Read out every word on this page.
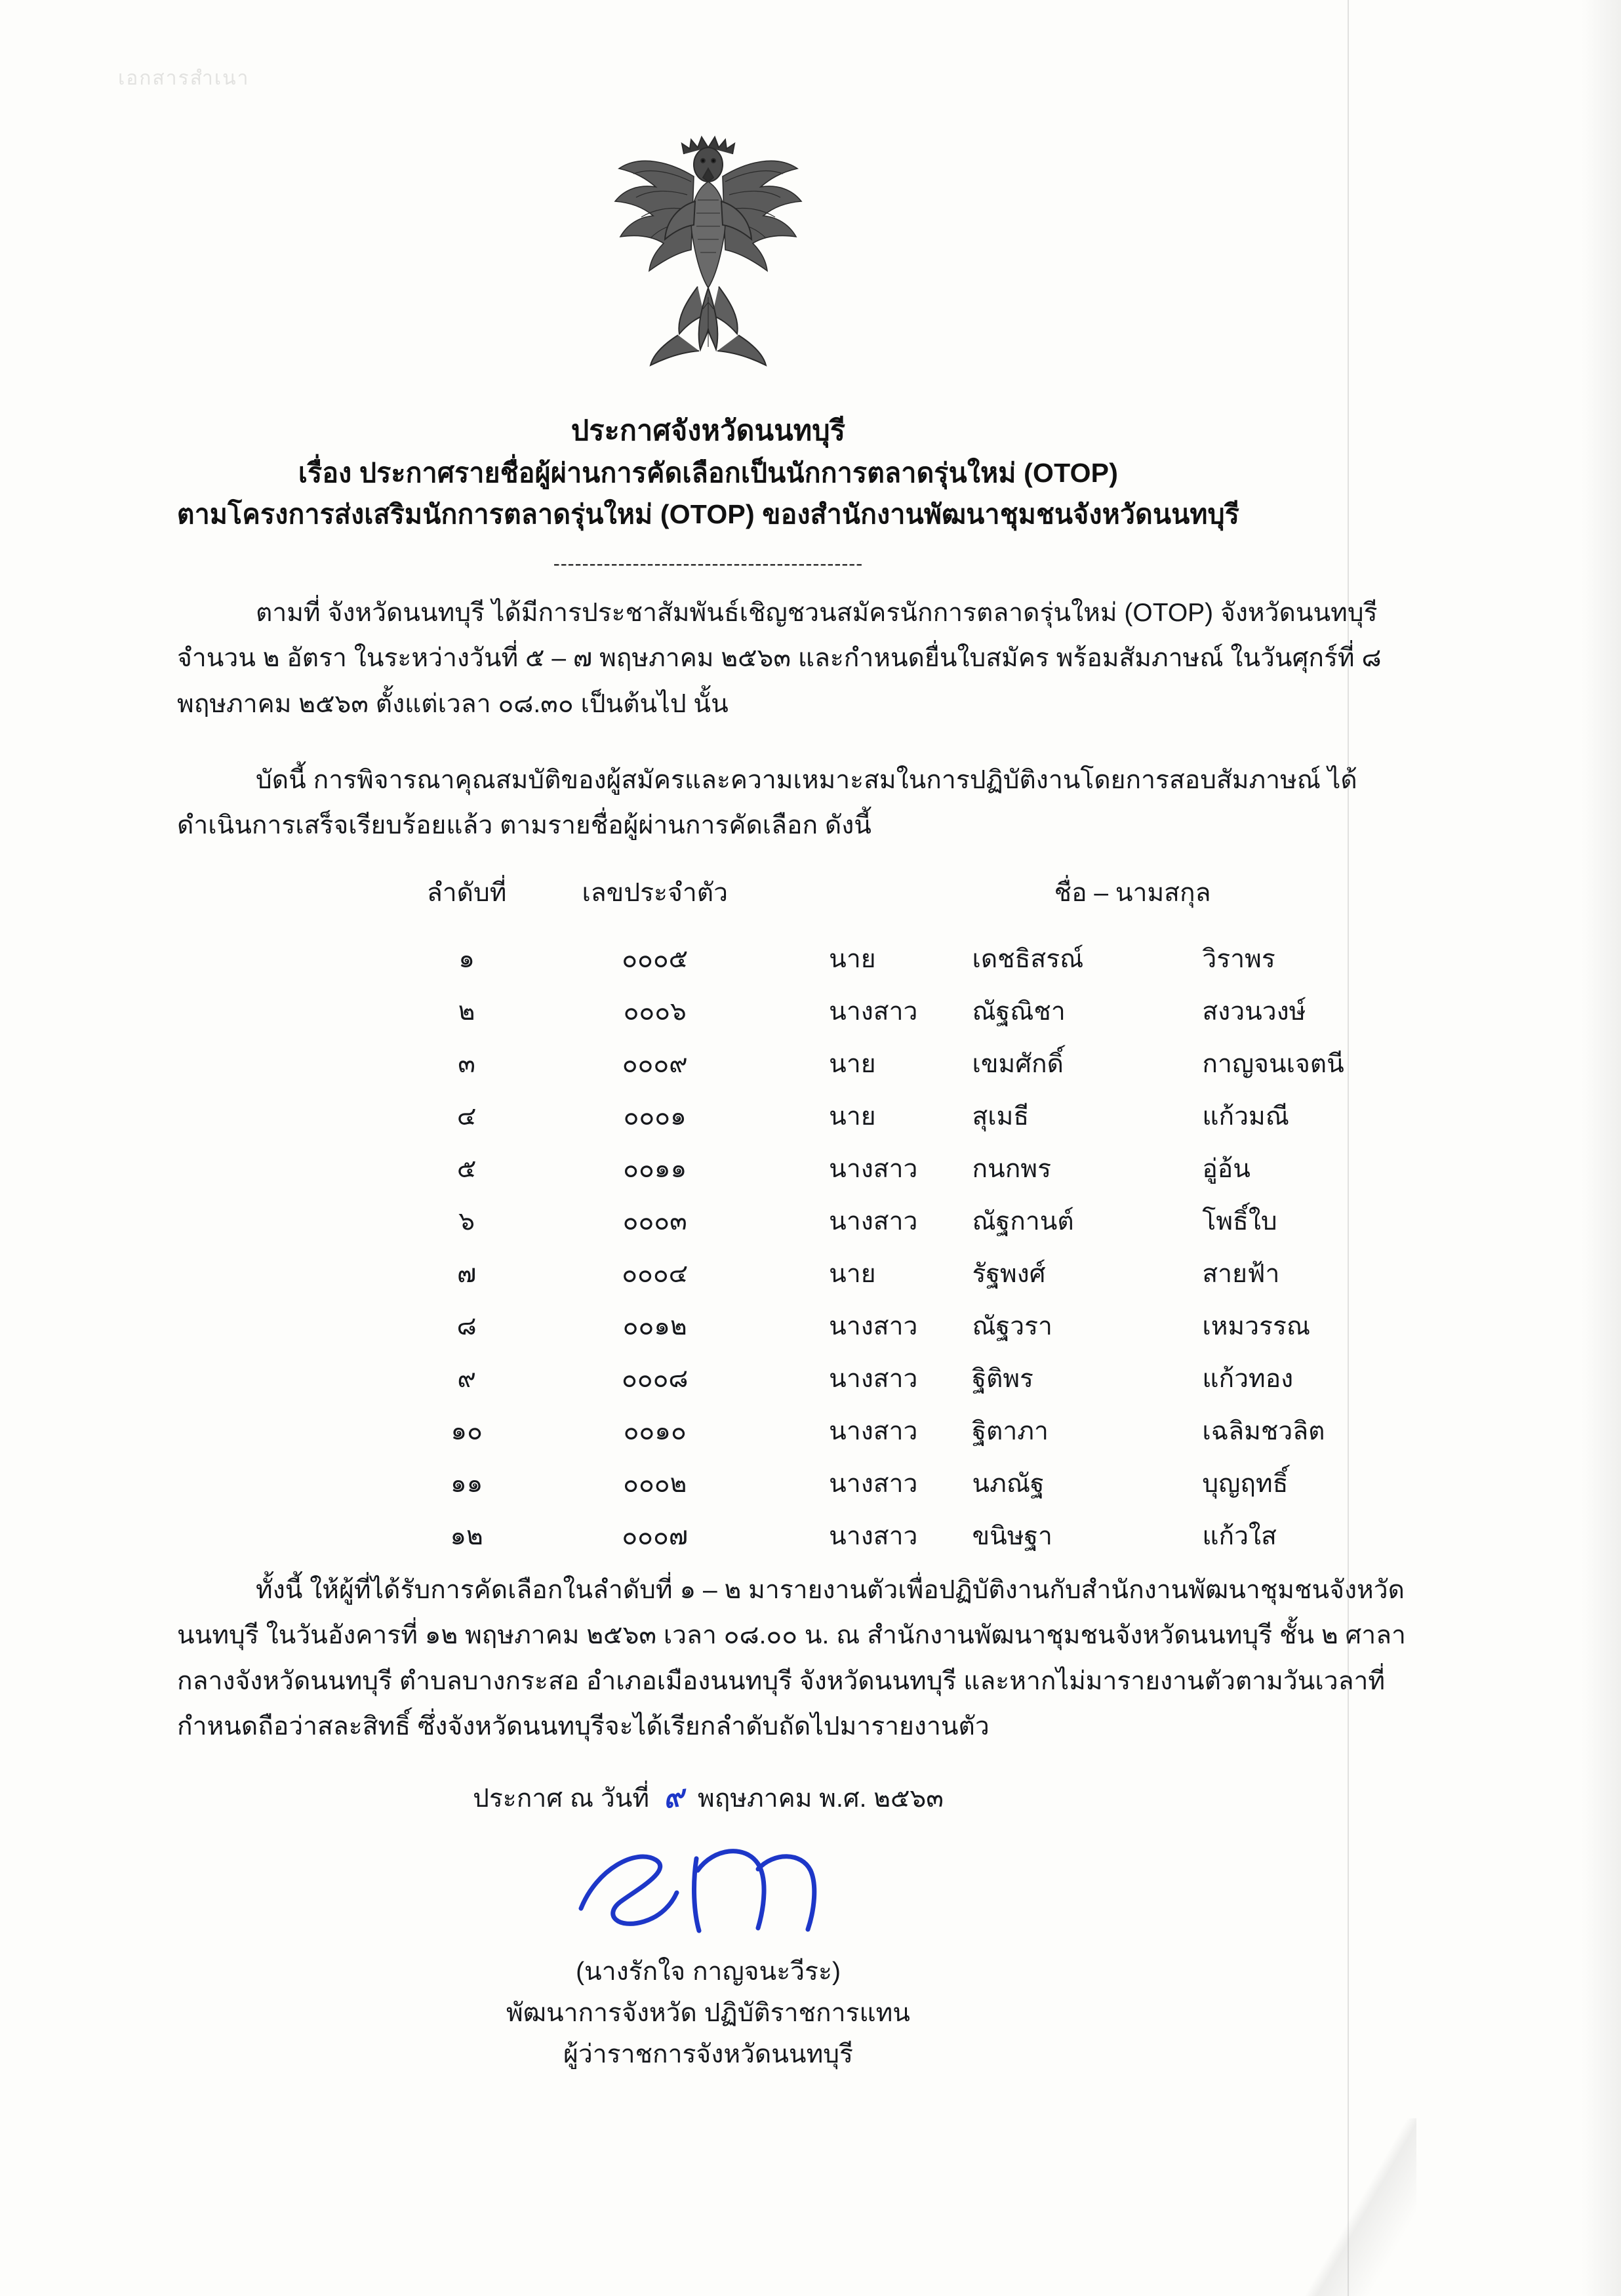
เอกสารสำเนา
ประกาศจังหวัดนนทบุรี
เรื่อง ประกาศรายชื่อผู้ผ่านการคัดเลือกเป็นนักการตลาดรุ่นใหม่ (OTOP)
ตามโครงการส่งเสริมนักการตลาดรุ่นใหม่ (OTOP) ของสำนักงานพัฒนาชุมชนจังหวัดนนทบุรี
-------------------------------------------

ตามที่ จังหวัดนนทบุรี ได้มีการประชาสัมพันธ์เชิญชวนสมัครนักการตลาดรุ่นใหม่ (OTOP) จังหวัดนนทบุรี จำนวน ๒ อัตรา ในระหว่างวันที่ ๕ – ๗ พฤษภาคม ๒๕๖๓ และกำหนดยื่นใบสมัคร พร้อมสัมภาษณ์ ในวันศุกร์ที่ ๘ พฤษภาคม ๒๕๖๓ ตั้งแต่เวลา ๐๘.๓๐ เป็นต้นไป นั้น

บัดนี้ การพิจารณาคุณสมบัติของผู้สมัครและความเหมาะสมในการปฏิบัติงานโดยการสอบสัมภาษณ์ ได้ดำเนินการเสร็จเรียบร้อยแล้ว ตามรายชื่อผู้ผ่านการคัดเลือก ดังนี้

ลำดับที่	เลขประจำตัว	ชื่อ – นามสกุล		
๑	๐๐๐๕	นาย	เดชธิสรณ์	วิราพร
๒	๐๐๐๖	นางสาว	ณัฐณิชา	สงวนวงษ์
๓	๐๐๐๙	นาย	เขมศักดิ์	กาญจนเจตนี
๔	๐๐๐๑	นาย	สุเมธี	แก้วมณี
๕	๐๐๑๑	นางสาว	กนกพร	อู่อ้น
๖	๐๐๐๓	นางสาว	ณัฐกานต์	โพธิ์ใบ
๗	๐๐๐๔	นาย	รัฐพงศ์	สายฟ้า
๘	๐๐๑๒	นางสาว	ณัฐวรา	เหมวรรณ
๙	๐๐๐๘	นางสาว	ฐิติพร	แก้วทอง
๑๐	๐๐๑๐	นางสาว	ฐิตาภา	เฉลิมชวลิต
๑๑	๐๐๐๒	นางสาว	นภณัฐ	บุญฤทธิ์
๑๒	๐๐๐๗	นางสาว	ขนิษฐา	แก้วใส

ทั้งนี้ ให้ผู้ที่ได้รับการคัดเลือกในลำดับที่ ๑ – ๒ มารายงานตัวเพื่อปฏิบัติงานกับสำนักงานพัฒนาชุมชนจังหวัดนนทบุรี ในวันอังคารที่ ๑๒ พฤษภาคม ๒๕๖๓ เวลา ๐๘.๐๐ น. ณ สำนักงานพัฒนาชุมชนจังหวัดนนทบุรี ชั้น ๒ ศาลากลางจังหวัดนนทบุรี ตำบลบางกระสอ อำเภอเมืองนนทบุรี จังหวัดนนทบุรี และหากไม่มารายงานตัวตามวันเวลาที่กำหนดถือว่าสละสิทธิ์ ซึ่งจังหวัดนนทบุรีจะได้เรียกลำดับถัดไปมารายงานตัว

ประกาศ ณ วันที่ ๙ พฤษภาคม พ.ศ. ๒๕๖๓
(นางรักใจ กาญจนะวีระ)
พัฒนาการจังหวัด ปฏิบัติราชการแทน
ผู้ว่าราชการจังหวัดนนทบุรี
